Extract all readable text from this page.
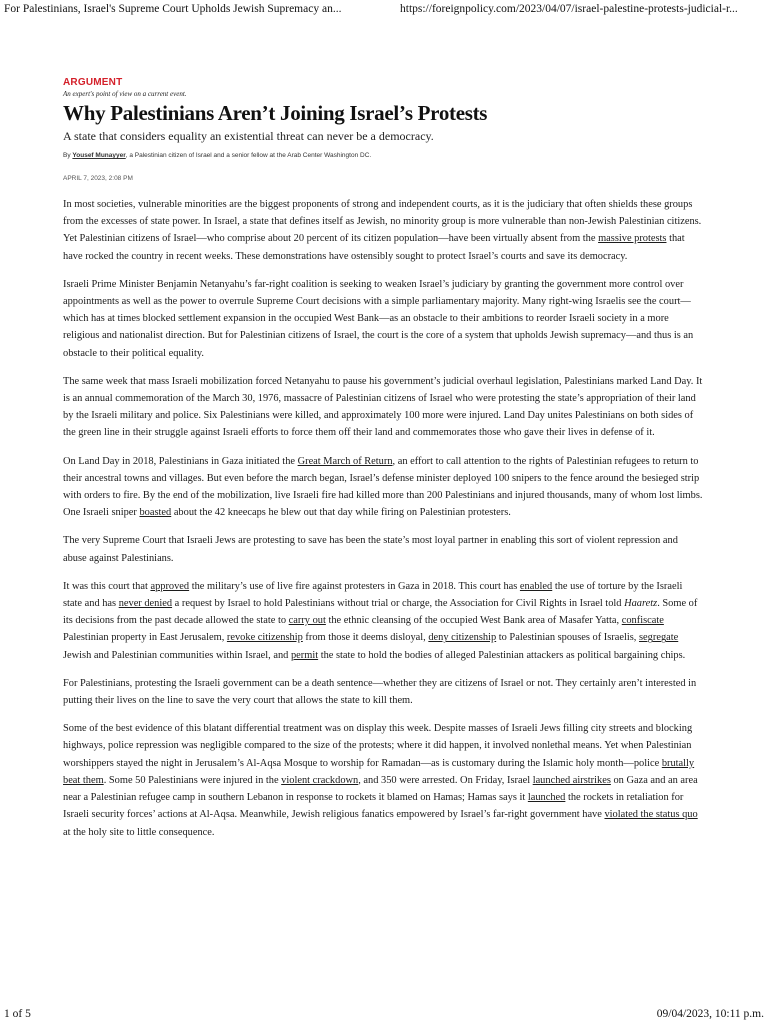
For Palestinians, Israel's Supreme Court Upholds Jewish Supremacy an...	https://foreignpolicy.com/2023/04/07/israel-palestine-protests-judicial-r...
ARGUMENT
An expert's point of view on a current event.
Why Palestinians Aren’t Joining Israel’s Protests
A state that considers equality an existential threat can never be a democracy.
By Yousef Munayyer, a Palestinian citizen of Israel and a senior fellow at the Arab Center Washington DC.
APRIL 7, 2023, 2:08 PM

In most societies, vulnerable minorities are the biggest proponents of strong and independent courts, as it is the judiciary that often shields these groups from the excesses of state power. In Israel, a state that defines itself as Jewish, no minority group is more vulnerable than non-Jewish Palestinian citizens. Yet Palestinian citizens of Israel—who comprise about 20 percent of its citizen population—have been virtually absent from the massive protests that have rocked the country in recent weeks. These demonstrations have ostensibly sought to protect Israel’s courts and save its democracy.

Israeli Prime Minister Benjamin Netanyahu’s far-right coalition is seeking to weaken Israel’s judiciary by granting the government more control over appointments as well as the power to overrule Supreme Court decisions with a simple parliamentary majority. Many right-wing Israelis see the court—which has at times blocked settlement expansion in the occupied West Bank—as an obstacle to their ambitions to reorder Israeli society in a more religious and nationalist direction. But for Palestinian citizens of Israel, the court is the core of a system that upholds Jewish supremacy—and thus is an obstacle to their political equality.

The same week that mass Israeli mobilization forced Netanyahu to pause his government’s judicial overhaul legislation, Palestinians marked Land Day. It is an annual commemoration of the March 30, 1976, massacre of Palestinian citizens of Israel who were protesting the state’s appropriation of their land by the Israeli military and police. Six Palestinians were killed, and approximately 100 more were injured. Land Day unites Palestinians on both sides of the green line in their struggle against Israeli efforts to force them off their land and commemorates those who gave their lives in defense of it.

On Land Day in 2018, Palestinians in Gaza initiated the Great March of Return, an effort to call attention to the rights of Palestinian refugees to return to their ancestral towns and villages. But even before the march began, Israel’s defense minister deployed 100 snipers to the fence around the besieged strip with orders to fire. By the end of the mobilization, live Israeli fire had killed more than 200 Palestinians and injured thousands, many of whom lost limbs. One Israeli sniper boasted about the 42 kneecaps he blew out that day while firing on Palestinian protesters.

The very Supreme Court that Israeli Jews are protesting to save has been the state’s most loyal partner in enabling this sort of violent repression and abuse against Palestinians.

It was this court that approved the military’s use of live fire against protesters in Gaza in 2018. This court has enabled the use of torture by the Israeli state and has never denied a request by Israel to hold Palestinians without trial or charge, the Association for Civil Rights in Israel told Haaretz. Some of its decisions from the past decade allowed the state to carry out the ethnic cleansing of the occupied West Bank area of Masafer Yatta, confiscate Palestinian property in East Jerusalem, revoke citizenship from those it deems disloyal, deny citizenship to Palestinian spouses of Israelis, segregate Jewish and Palestinian communities within Israel, and permit the state to hold the bodies of alleged Palestinian attackers as political bargaining chips.

For Palestinians, protesting the Israeli government can be a death sentence—whether they are citizens of Israel or not. They certainly aren’t interested in putting their lives on the line to save the very court that allows the state to kill them.

Some of the best evidence of this blatant differential treatment was on display this week. Despite masses of Israeli Jews filling city streets and blocking highways, police repression was negligible compared to the size of the protests; where it did happen, it involved nonlethal means. Yet when Palestinian worshippers stayed the night in Jerusalem’s Al-Aqsa Mosque to worship for Ramadan—as is customary during the Islamic holy month—police brutally beat them. Some 50 Palestinians were injured in the violent crackdown, and 350 were arrested. On Friday, Israel launched airstrikes on Gaza and an area near a Palestinian refugee camp in southern Lebanon in response to rockets it blamed on Hamas; Hamas says it launched the rockets in retaliation for Israeli security forces’ actions at Al-Aqsa. Meanwhile, Jewish religious fanatics empowered by Israel’s far-right government have violated the status quo at the holy site to little consequence.

1 of 5	09/04/2023, 10:11 p.m.
